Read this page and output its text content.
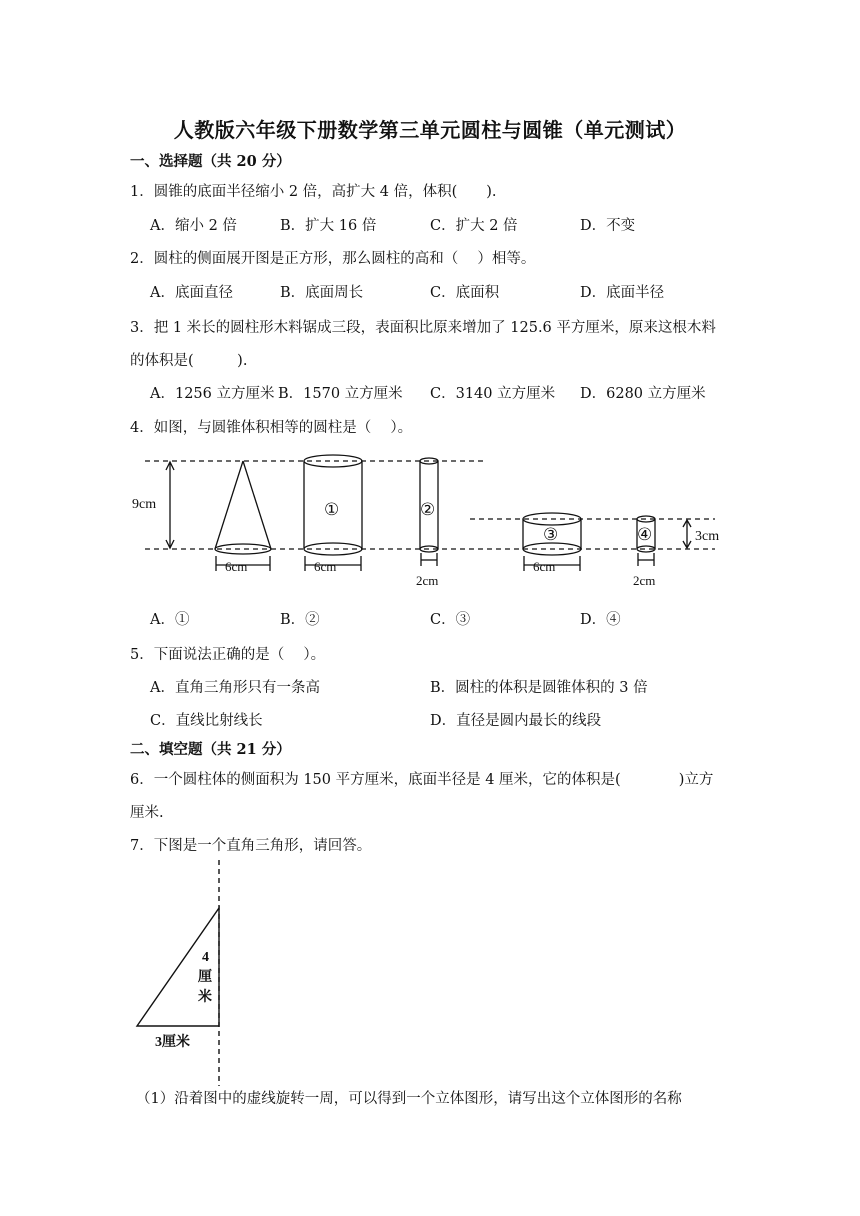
人教版六年级下册数学第三单元圆柱与圆锥（单元测试）
一、选择题（共 20 分）
1．圆锥的底面半径缩小 2 倍，高扩大 4 倍，体积(　　).
A．缩小 2 倍	B．扩大 16 倍	C．扩大 2 倍	D．不变
2．圆柱的侧面展开图是正方形，那么圆柱的高和（　 ）相等。
A．底面直径	B．底面周长	C．底面积	D．底面半径
3．把 1 米长的圆柱形木料锯成三段，表面积比原来增加了 125.6 平方厘米，原来这根木料
的体积是(　　　).
A．1256 立方厘米 B．1570 立方厘米 C．3140 立方厘米 D．6280 立方厘米
4．如图，与圆锥体积相等的圆柱是（　 ）。
9cm
6cm	6cm
2cm
6cm
2cm
3cm
①	②
③	④
A．①	B．②	C．③	D．④
5．下面说法正确的是（　 ）。
A．直角三角形只有一条高	B．圆柱的体积是圆锥体积的 3 倍
C．直线比射线长	D．直径是圆内最长的线段
二、填空题（共 21 分）
6．一个圆柱体的侧面积为 150 平方厘米，底面半径是 4 厘米，它的体积是(　　　　)立方
厘米.
7．下图是一个直角三角形，请回答。
4
厘
米
3厘米
（1）沿着图中的虚线旋转一周，可以得到一个立体图形，请写出这个立体图形的名称
